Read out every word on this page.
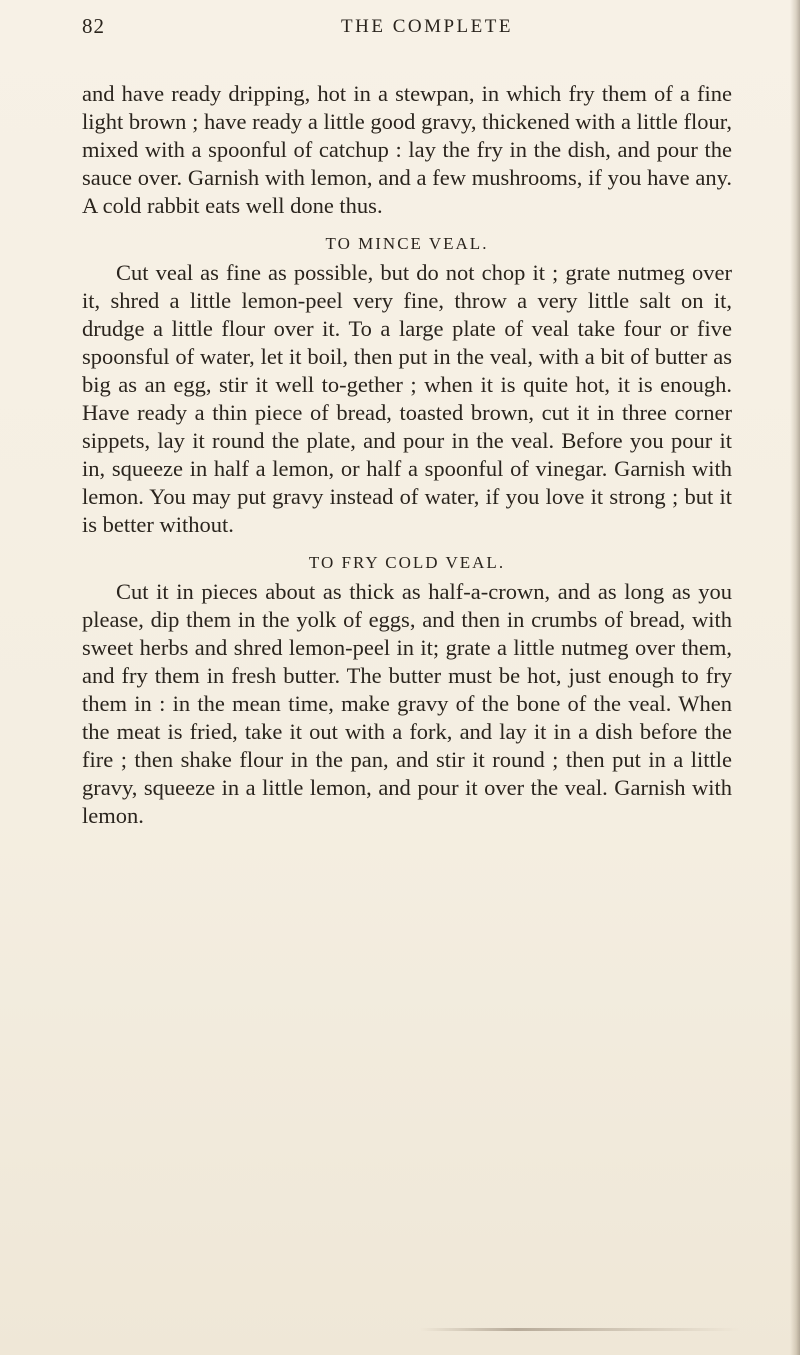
82	THE COMPLETE

and have ready dripping, hot in a stewpan, in which fry them of a fine light brown ; have ready a little good gravy, thickened with a little flour, mixed with a spoonful of catchup : lay the fry in the dish, and pour the sauce over. Garnish with lemon, and a few mushrooms, if you have any. A cold rabbit eats well done thus.

TO MINCE VEAL.

Cut veal as fine as possible, but do not chop it ; grate nutmeg over it, shred a little lemon-peel very fine, throw a very little salt on it, drudge a little flour over it. To a large plate of veal take four or five spoonsful of water, let it boil, then put in the veal, with a bit of butter as big as an egg, stir it well to-gether ; when it is quite hot, it is enough. Have ready a thin piece of bread, toasted brown, cut it in three corner sippets, lay it round the plate, and pour in the veal. Before you pour it in, squeeze in half a lemon, or half a spoonful of vinegar. Garnish with lemon. You may put gravy instead of water, if you love it strong ; but it is better without.

TO FRY COLD VEAL.

Cut it in pieces about as thick as half-a-crown, and as long as you please, dip them in the yolk of eggs, and then in crumbs of bread, with sweet herbs and shred lemon-peel in it; grate a little nutmeg over them, and fry them in fresh butter. The butter must be hot, just enough to fry them in : in the mean time, make gravy of the bone of the veal. When the meat is fried, take it out with a fork, and lay it in a dish before the fire ; then shake flour in the pan, and stir it round ; then put in a little gravy, squeeze in a little lemon, and pour it over the veal. Garnish with lemon.
